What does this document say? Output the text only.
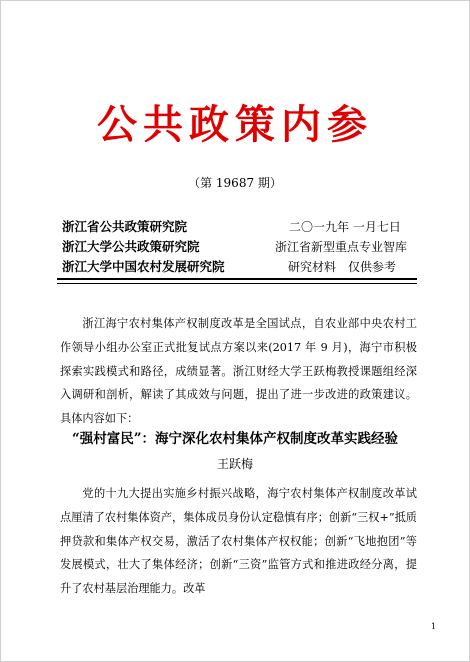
公共政策内参
（第 19687 期）
浙江省公共政策研究院
浙江大学公共政策研究院
浙江大学中国农村发展研究院
二〇一九年 一月七日
浙江省新型重点专业智库
研究材料　仅供参考

浙江海宁农村集体产权制度改革是全国试点，自农业部中央农村工作领导小组办公室正式批复试点方案以来(2017 年 9 月)，海宁市积极探索实践模式和路径，成绩显著。浙江财经大学王跃梅教授课题组经深入调研和剖析，解读了其成效与问题，提出了进一步改进的政策建议。具体内容如下：

“强村富民”：海宁深化农村集体产权制度改革实践经验
王跃梅

党的十九大提出实施乡村振兴战略，海宁农村集体产权制度改革试点厘清了农村集体资产，集体成员身份认定稳慎有序；创新“三权+”抵质押贷款和集体产权交易，激活了农村集体产权权能；创新“飞地抱团”等发展模式，壮大了集体经济；创新“三资”监管方式和推进政经分离，提升了农村基层治理能力。改革

1
